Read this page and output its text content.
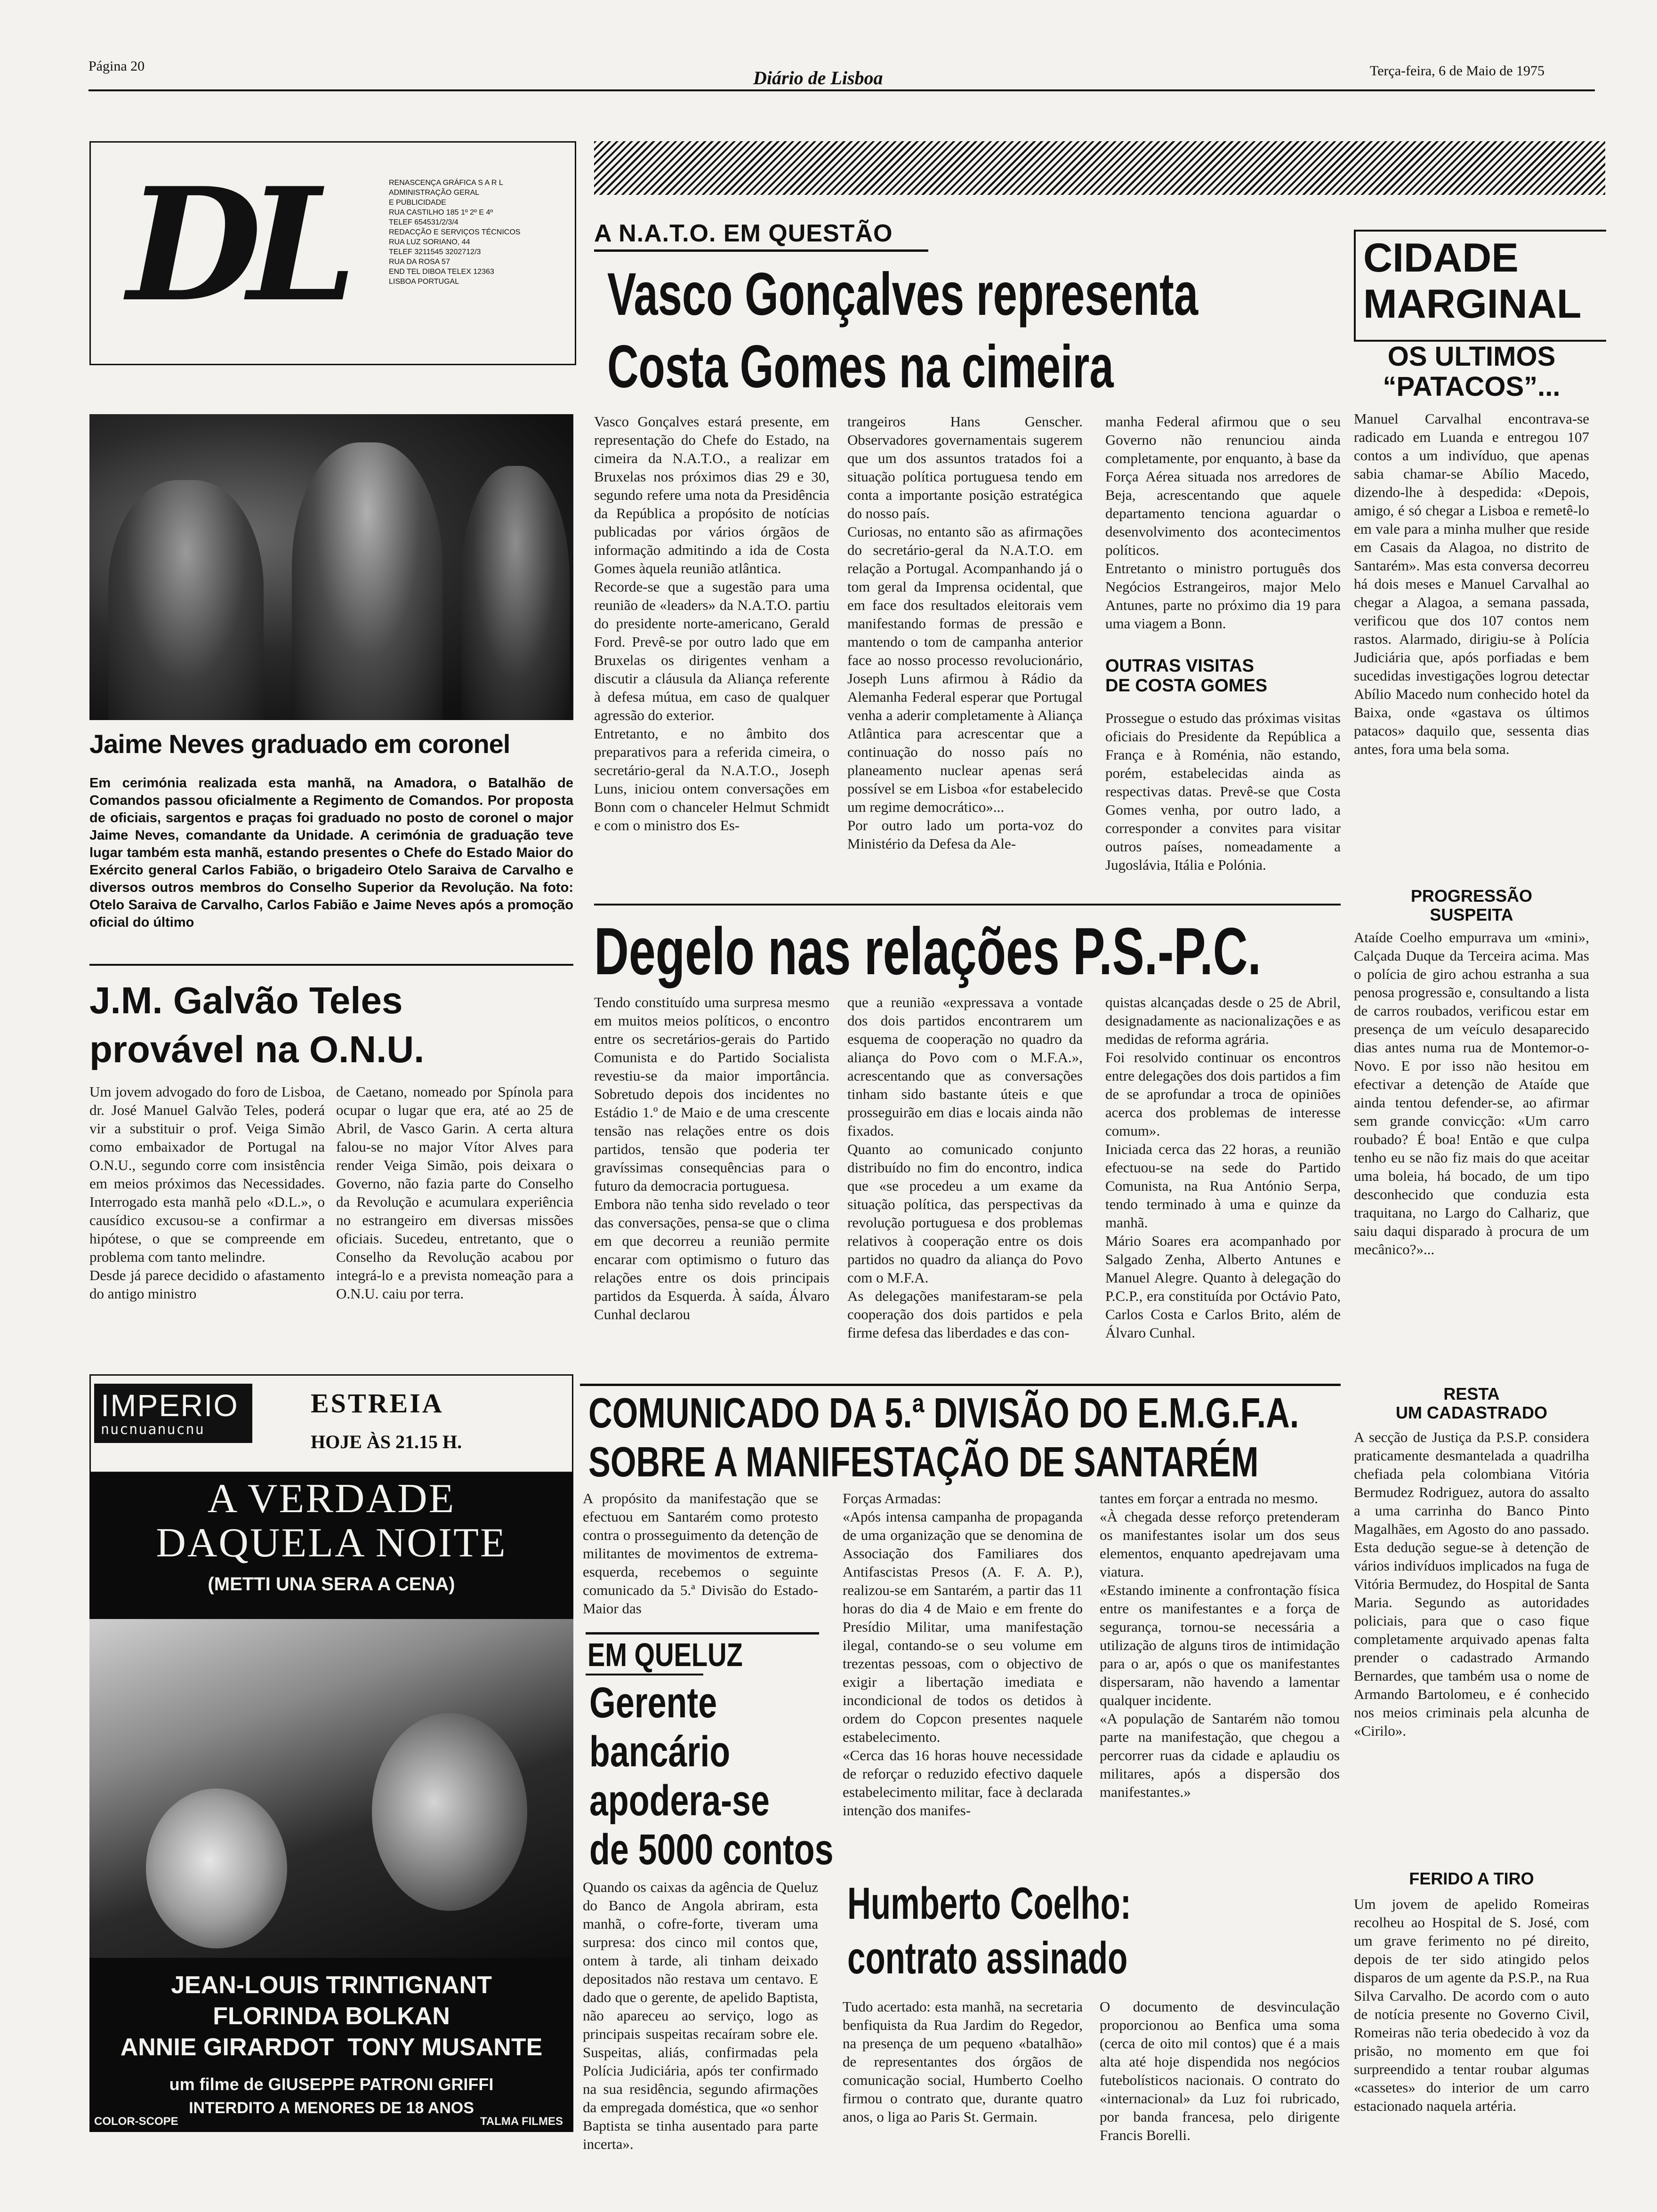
Página 20
Diário de Lisboa	Terça-feira, 6 de Maio de 1975
DL	RENASCENÇA GRÁFICA S A R L
ADMINISTRAÇÃO GERAL
E PUBLICIDADE
RUA CASTILHO 185 1º 2º E 4º
TELEF 654531/2/3/4
REDACÇÃO E SERVIÇOS TÉCNICOS
RUA LUZ SORIANO, 44
TELEF 3211545 3202712/3
RUA DA ROSA 57
END TEL DIBOA TELEX 12363
LISBOA PORTUGAL
Jaime Neves graduado em coronel
Em cerimónia realizada esta manhã, na Amadora, o Batalhão de Comandos passou oficialmente a Regimento de Comandos. Por proposta de oficiais, sargentos e praças foi graduado no posto de coronel o major Jaime Neves, comandante da Unidade. A cerimónia de graduação teve lugar também esta manhã, estando presentes o Chefe do Estado Maior do Exército general Carlos Fabião, o brigadeiro Otelo Saraiva de Carvalho e diversos outros membros do Conselho Superior da Revolução. Na foto: Otelo Saraiva de Carvalho, Carlos Fabião e Jaime Neves após a promoção oficial do último
J.M. Galvão Teles
provável na O.N.U.
Um jovem advogado do foro de Lisboa, dr. José Manuel Galvão Teles, poderá vir a substituir o prof. Veiga Simão como embaixador de Portugal na O.N.U., segundo corre com insistência em meios próximos das Necessidades. Interrogado esta manhã pelo «D.L.», o causídico excusou-se a confirmar a hipótese, o que se compreende em problema com tanto melindre.
Desde já parece decidido o afastamento do antigo ministro
de Caetano, nomeado por Spínola para ocupar o lugar que era, até ao 25 de Abril, de Vasco Garin. A certa altura falou-se no major Vítor Alves para render Veiga Simão, pois deixara o Governo, não fazia parte do Conselho da Revolução e acumulara experiência no estrangeiro em diversas missões oficiais. Sucedeu, entretanto, que o Conselho da Revolução acabou por integrá-lo e a prevista nomeação para a O.N.U. caiu por terra.
IMPERIO
nucnuanucnu
ESTREIA
HOJE ÀS 21.15 H.
A VERDADE
DAQUELA NOITE
(METTI UNA SERA A CENA)
JEAN-LOUIS TRINTIGNANT
FLORINDA BOLKAN
ANNIE GIRARDOT  TONY MUSANTE
um filme de GIUSEPPE PATRONI GRIFFI
INTERDITO A MENORES DE 18 ANOS
COLOR-SCOPE	TALMA FILMES
A N.A.T.O. EM QUESTÃO
Vasco Gonçalves representa
Costa Gomes na cimeira
Vasco Gonçalves estará presente, em representação do Chefe do Estado, na cimeira da N.A.T.O., a realizar em Bruxelas nos próximos dias 29 e 30, segundo refere uma nota da Presidência da República a propósito de notícias publicadas por vários órgãos de informação admitindo a ida de Costa Gomes àquela reunião atlântica.
Recorde-se que a sugestão para uma reunião de «leaders» da N.A.T.O. partiu do presidente norte-americano, Gerald Ford. Prevê-se por outro lado que em Bruxelas os dirigentes venham a discutir a cláusula da Aliança referente à defesa mútua, em caso de qualquer agressão do exterior.
Entretanto, e no âmbito dos preparativos para a referida cimeira, o secretário-geral da N.A.T.O., Joseph Luns, iniciou ontem conversações em Bonn com o chanceler Helmut Schmidt e com o ministro dos Es-
trangeiros Hans Genscher. Observadores governamentais sugerem que um dos assuntos tratados foi a situação política portuguesa tendo em conta a importante posição estratégica do nosso país.
Curiosas, no entanto são as afirmações do secretário-geral da N.A.T.O. em relação a Portugal. Acompanhando já o tom geral da Imprensa ocidental, que em face dos resultados eleitorais vem manifestando formas de pressão e mantendo o tom de campanha anterior face ao nosso processo revolucionário, Joseph Luns afirmou à Rádio da Alemanha Federal esperar que Portugal venha a aderir completamente à Aliança Atlântica para acrescentar que a continuação do nosso país no planeamento nuclear apenas será possível se em Lisboa «for estabelecido um regime democrático»...
Por outro lado um porta-voz do Ministério da Defesa da Ale-
manha Federal afirmou que o seu Governo não renunciou ainda completamente, por enquanto, à base da Força Aérea situada nos arredores de Beja, acrescentando que aquele departamento tenciona aguardar o desenvolvimento dos acontecimentos políticos.
Entretanto o ministro português dos Negócios Estrangeiros, major Melo Antunes, parte no próximo dia 19 para uma viagem a Bonn.
OUTRAS VISITAS
DE COSTA GOMES
Prossegue o estudo das próximas visitas oficiais do Presidente da República a França e à Roménia, não estando, porém, estabelecidas ainda as respectivas datas. Prevê-se que Costa Gomes venha, por outro lado, a corresponder a convites para visitar outros países, nomeadamente a Jugoslávia, Itália e Polónia.
CIDADE
MARGINAL
OS ULTIMOS
“PATACOS”...
Manuel Carvalhal encontrava-se radicado em Luanda e entregou 107 contos a um indivíduo, que apenas sabia chamar-se Abílio Macedo, dizendo-lhe à despedida: «Depois, amigo, é só chegar a Lisboa e remetê-lo em vale para a minha mulher que reside em Casais da Alagoa, no distrito de Santarém». Mas esta conversa decorreu há dois meses e Manuel Carvalhal ao chegar a Alagoa, a semana passada, verificou que dos 107 contos nem rastos. Alarmado, dirigiu-se à Polícia Judiciária que, após porfiadas e bem sucedidas investigações logrou detectar Abílio Macedo num conhecido hotel da Baixa, onde «gastava os últimos patacos» daquilo que, sessenta dias antes, fora uma bela soma.
PROGRESSÃO
SUSPEITA
Ataíde Coelho empurrava um «mini», Calçada Duque da Terceira acima. Mas o polícia de giro achou estranha a sua penosa progressão e, consultando a lista de carros roubados, verificou estar em presença de um veículo desaparecido dias antes numa rua de Montemor-o-Novo. E por isso não hesitou em efectivar a detenção de Ataíde que ainda tentou defender-se, ao afirmar sem grande convicção: «Um carro roubado? É boa! Então e que culpa tenho eu se não fiz mais do que aceitar uma boleia, há bocado, de um tipo desconhecido que conduzia esta traquitana, no Largo do Calhariz, que saiu daqui disparado à procura de um mecânico?»...
RESTA
UM CADASTRADO
A secção de Justiça da P.S.P. considera praticamente desmantelada a quadrilha chefiada pela colombiana Vitória Bermudez Rodriguez, autora do assalto a uma carrinha do Banco Pinto Magalhães, em Agosto do ano passado. Esta dedução segue-se à detenção de vários indivíduos implicados na fuga de Vitória Bermudez, do Hospital de Santa Maria. Segundo as autoridades policiais, para que o caso fique completamente arquivado apenas falta prender o cadastrado Armando Bernardes, que também usa o nome de Armando Bartolomeu, e é conhecido nos meios criminais pela alcunha de «Cirilo».
FERIDO A TIRO
Um jovem de apelido Romeiras recolheu ao Hospital de S. José, com um grave ferimento no pé direito, depois de ter sido atingido pelos disparos de um agente da P.S.P., na Rua Silva Carvalho. De acordo com o auto de notícia presente no Governo Civil, Romeiras não teria obedecido à voz da prisão, no momento em que foi surpreendido a tentar roubar algumas «cassetes» do interior de um carro estacionado naquela artéria.
Degelo nas relações P.S.-P.C.
Tendo constituído uma surpresa mesmo em muitos meios políticos, o encontro entre os secretários-gerais do Partido Comunista e do Partido Socialista revestiu-se da maior importância. Sobretudo depois dos incidentes no Estádio 1.º de Maio e de uma crescente tensão nas relações entre os dois partidos, tensão que poderia ter gravíssimas consequências para o futuro da democracia portuguesa.
Embora não tenha sido revelado o teor das conversações, pensa-se que o clima em que decorreu a reunião permite encarar com optimismo o futuro das relações entre os dois principais partidos da Esquerda. À saída, Álvaro Cunhal declarou
que a reunião «expressava a vontade dos dois partidos encontrarem um esquema de cooperação no quadro da aliança do Povo com o M.F.A.», acrescentando que as conversações tinham sido bastante úteis e que prosseguirão em dias e locais ainda não fixados.
Quanto ao comunicado conjunto distribuído no fim do encontro, indica que «se procedeu a um exame da situação política, das perspectivas da revolução portuguesa e dos problemas relativos à cooperação entre os dois partidos no quadro da aliança do Povo com o M.F.A.
As delegações manifestaram-se pela cooperação dos dois partidos e pela firme defesa das liberdades e das con-
quistas alcançadas desde o 25 de Abril, designadamente as nacionalizações e as medidas de reforma agrária.
Foi resolvido continuar os encontros entre delegações dos dois partidos a fim de se aprofundar a troca de opiniões acerca dos problemas de interesse comum».
Iniciada cerca das 22 horas, a reunião efectuou-se na sede do Partido Comunista, na Rua António Serpa, tendo terminado à uma e quinze da manhã.
Mário Soares era acompanhado por Salgado Zenha, Alberto Antunes e Manuel Alegre. Quanto à delegação do P.C.P., era constituída por Octávio Pato, Carlos Costa e Carlos Brito, além de Álvaro Cunhal.
COMUNICADO DA 5.ª DIVISÃO DO E.M.G.F.A.
SOBRE A MANIFESTAÇÃO DE SANTARÉM
A propósito da manifestação que se efectuou em Santarém como protesto contra o prosseguimento da detenção de militantes de movimentos de extrema-esquerda, recebemos o seguinte comunicado da 5.ª Divisão do Estado-Maior das
Forças Armadas:
«Após intensa campanha de propaganda de uma organização que se denomina de Associação dos Familiares dos Antifascistas Presos (A. F. A. P.), realizou-se em Santarém, a partir das 11 horas do dia 4 de Maio e em frente do Presídio Militar, uma manifestação ilegal, contando-se o seu volume em trezentas pessoas, com o objectivo de exigir a libertação imediata e incondicional de todos os detidos à ordem do Copcon presentes naquele estabelecimento.
«Cerca das 16 horas houve necessidade de reforçar o reduzido efectivo daquele estabelecimento militar, face à declarada intenção dos manifes-
tantes em forçar a entrada no mesmo.
«À chegada desse reforço pretenderam os manifestantes isolar um dos seus elementos, enquanto apedrejavam uma viatura.
«Estando iminente a confrontação física entre os manifestantes e a força de segurança, tornou-se necessária a utilização de alguns tiros de intimidação para o ar, após o que os manifestantes dispersaram, não havendo a lamentar qualquer incidente.
«A população de Santarém não tomou parte na manifestação, que chegou a percorrer ruas da cidade e aplaudiu os militares, após a dispersão dos manifestantes.»
EM QUELUZ
Gerente
bancário
apodera-se
de 5000 contos
Quando os caixas da agência de Queluz do Banco de Angola abriram, esta manhã, o cofre-forte, tiveram uma surpresa: dos cinco mil contos que, ontem à tarde, ali tinham deixado depositados não restava um centavo. E dado que o gerente, de apelido Baptista, não apareceu ao serviço, logo as principais suspeitas recaíram sobre ele. Suspeitas, aliás, confirmadas pela Polícia Judiciária, após ter confirmado na sua residência, segundo afirmações da empregada doméstica, que «o senhor Baptista se tinha ausentado para parte incerta».
Humberto Coelho:
contrato assinado
Tudo acertado: esta manhã, na secretaria benfiquista da Rua Jardim do Regedor, na presença de um pequeno «batalhão» de representantes dos órgãos de comunicação social, Humberto Coelho firmou o contrato que, durante quatro anos, o liga ao Paris St. Germain.
O documento de desvinculação proporcionou ao Benfica uma soma (cerca de oito mil contos) que é a mais alta até hoje dispendida nos negócios futebolísticos nacionais. O contrato do «internacional» da Luz foi rubricado, por banda francesa, pelo dirigente Francis Borelli.
